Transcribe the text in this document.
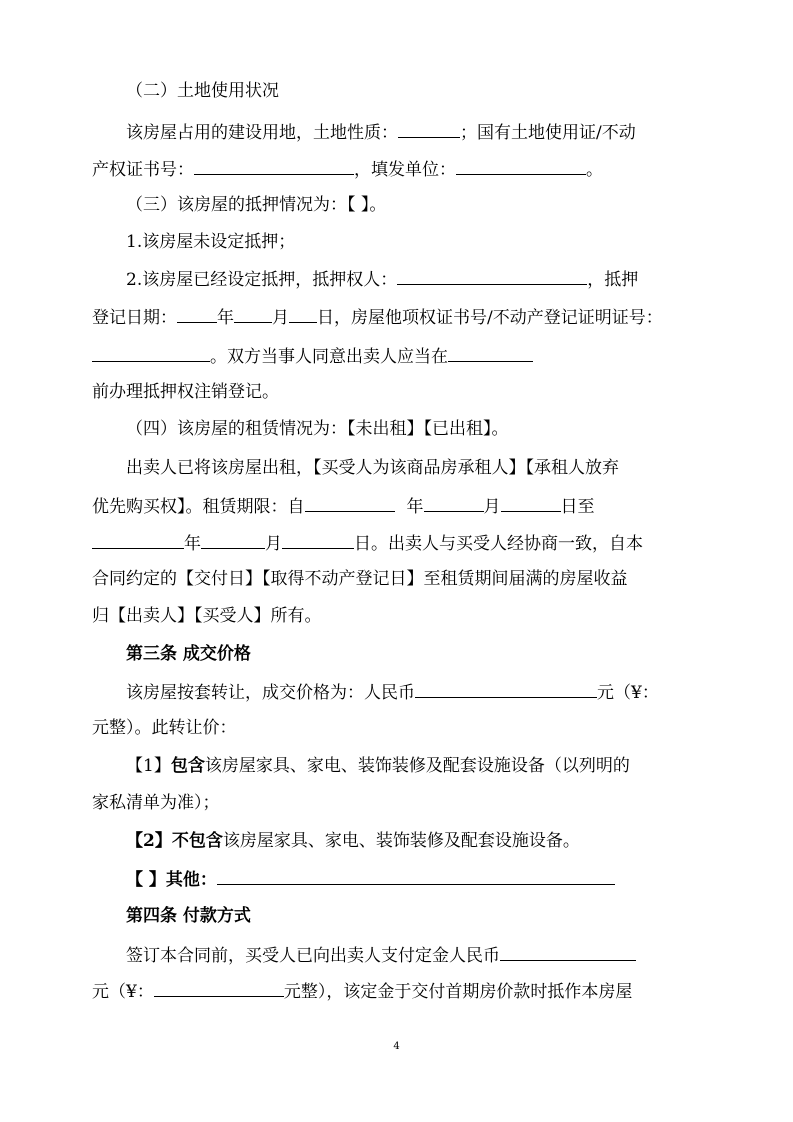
（二）土地使用状况
该房屋占用的建设用地，土地性质：	；国有土地使用证/不动
产权证书号：	，填发单位：	。
（三）该房屋的抵押情况为：【 】。
1.该房屋未设定抵押；
2.该房屋已经设定抵押，抵押权人：	，抵押
登记日期： 年 月 日，房屋他项权证书号/不动产登记证明证号：
。双方当事人同意出卖人应当在
前办理抵押权注销登记。
（四）该房屋的租赁情况为：【未出租】【已出租】。
出卖人已将该房屋出租，【买受人为该商品房承租人】【承租人放弃
优先购买权】。租赁期限：自	年	月	日至
年	月	日。出卖人与买受人经协商一致，自本
合同约定的【交付日】【取得不动产登记日】至租赁期间届满的房屋收益
归【出卖人】【买受人】所有。
第三条 成交价格
该房屋按套转让，成交价格为：人民币	元（¥：
元整）。此转让价：
【1】包含该房屋家具、家电、装饰装修及配套设施设备（以列明的
家私清单为准）；
【2】不包含该房屋家具、家电、装饰装修及配套设施设备。
【 】其他：
第四条 付款方式
签订本合同前，买受人已向出卖人支付定金人民币
元（¥：	元整），该定金于交付首期房价款时抵作本房屋
4
